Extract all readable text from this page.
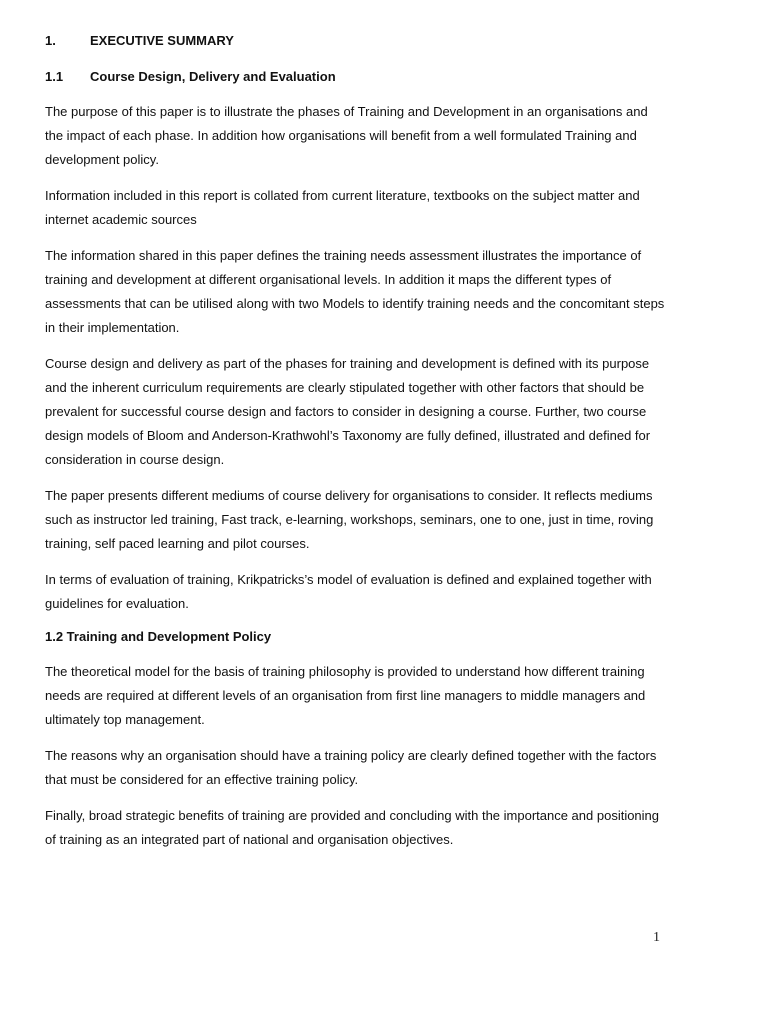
1.	EXECUTIVE SUMMARY
1.1	Course Design, Delivery and Evaluation

The purpose of this paper is to illustrate the phases of Training and Development in an organisations and the impact of each phase. In addition how organisations will benefit from a well formulated Training and development policy.

Information included in this report is collated from current literature, textbooks on the subject matter and internet academic sources

The information shared in this paper defines the training needs assessment illustrates the importance of training and development at different organisational levels. In addition it maps the different types of assessments that can be utilised along with two Models to identify training needs and the concomitant steps in their implementation.

Course design and delivery as part of the phases for training and development is defined with its purpose and the inherent curriculum requirements are clearly stipulated together with other factors that should be prevalent for successful course design and factors to consider in designing a course. Further, two course design models of Bloom and Anderson-Krathwohl’s Taxonomy are fully defined, illustrated and defined for consideration in course design.

The paper presents different mediums of course delivery for organisations to consider. It reflects mediums such as instructor led training, Fast track, e-learning, workshops, seminars, one to one, just in time, roving training, self paced learning and pilot courses.

In terms of evaluation of training, Krikpatricks’s model of evaluation is defined and explained together with guidelines for evaluation.

1.2 Training and Development Policy

The theoretical model for the basis of training philosophy is provided to understand how different training needs are required at different levels of an organisation from first line managers to middle managers and ultimately top management.

The reasons why an organisation should have a training policy are clearly defined together with the factors that must be considered for an effective training policy.

Finally, broad strategic benefits of training are provided and concluding with the importance and positioning of training as an integrated part of national and organisation objectives.

1
